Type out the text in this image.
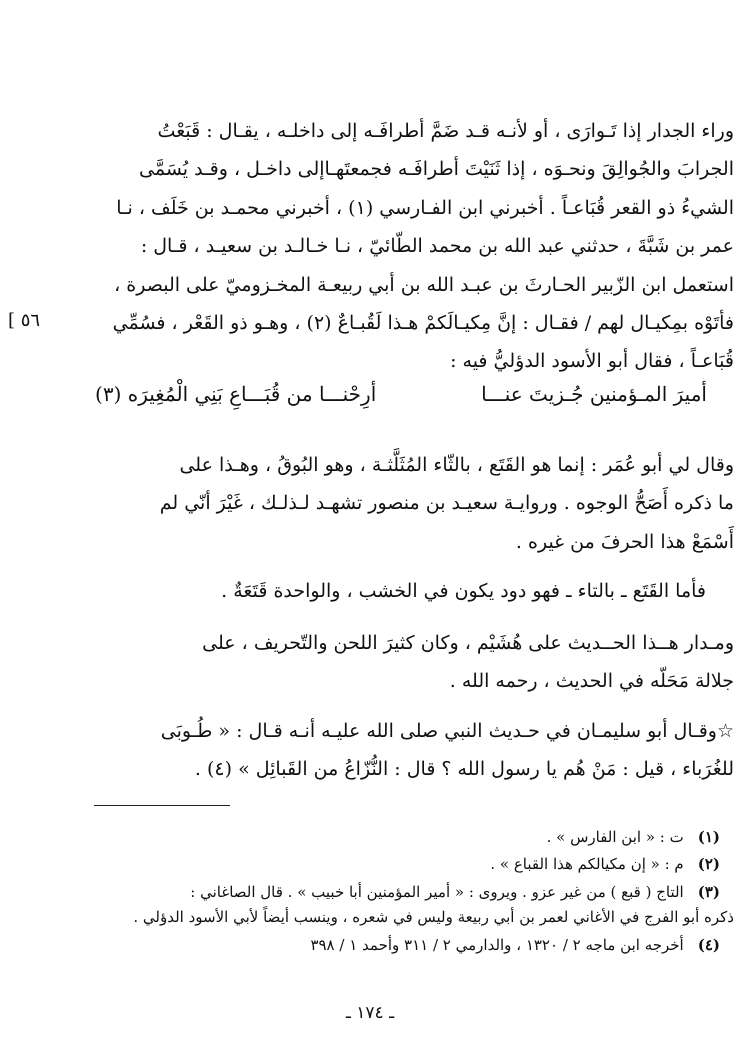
وراء الجدار إذا تَـوارَى ، أو لأنـه قـد ضَمَّ أطرافَـه إلى داخلـه ، يقـال : قَبَعْتُ
الجرابَ والجُوالِقَ ونحـوَه ، إذا ثَنَيْتَ أطرافَـه فجمعتَهـاإلى داخـل ، وقـد يُسَمَّى
الشيءُ ذو القعر قُبَاعـاً . أخبرني ابن الفـارسي (١) ، أخبرني محمـد بن خَلَف ، نـا
عمر بن شَبَّةَ ، حدثني عبد الله بن محمد الطّائيّ ، نـا خـالـد بن سعيـد ، قـال :
استعمل ابن الزّبير الحـارثَ بن عبـد الله بن أبي ربيعـة المخـزوميّ على البصرة ،
فأتَوْه بمِكيـال لهم / فقـال : إنَّ مِكيـالَكمْ هـذا لَقُبـاعٌ (٢) ، وهـو ذو القَعْر ، فسُمِّي
قُبَاعـاً ، فقال أبو الأسود الدؤليُّ فيه :
[ ٥٦
أميرَ المـؤمنين جُـزيتَ عنـــا
أرِحْنـــا من قُبَـــاعِ بَنِي الْمُغِيرَه (٣)
وقال لي أبو عُمَر : إنما هو القَتَع ، بالثّاء المُثَلَّثـة ، وهو البُوقُ ، وهـذا على
ما ذكره أَصَحُّ الوجوه . وروايـة سعيـد بن منصور تشهـد لـذلـك ، غَيْرَ أنّي لم
أَسْمَعْ هذا الحرفَ من غيره .
فأما القَتَع ـ بالتاء ـ فهو دود يكون في الخشب ، والواحدة قَتَعَةٌ .
ومـدار هــذا الحــديث على هُشَيْم ، وكان كثيرَ اللحن والتّحريف ، على
جلالة مَحَلّه في الحديث ، رحمه الله .
☆وقـال أبو سليمـان في حـديث النبي صلى الله عليـه أنـه قـال : « طُـوبَى
للغُرَباء ، قيل : مَنْ هُم يا رسول الله ؟ قال : النُّزّاعُ من القَبائِل » (٤) .
(١)ت : « ابن الفارس » .
(٢)م : « إن مكيالكم هذا القباع » .
(٣)التاج ( قبع ) من غير عزو . ويروى : « أمير المؤمنين أبا خبيب » . قال الصاغاني :
ذكره أبو الفرج في الأغاني لعمر بن أبي ربيعة وليس في شعره ، وينسب أيضاً لأبي الأسود الدؤلي .
(٤)أخرجه ابن ماجه ٢ / ١٣٢٠ ، والدارمي ٢ / ٣١١ وأحمد ١ / ٣٩٨
ـ ١٧٤ ـ
